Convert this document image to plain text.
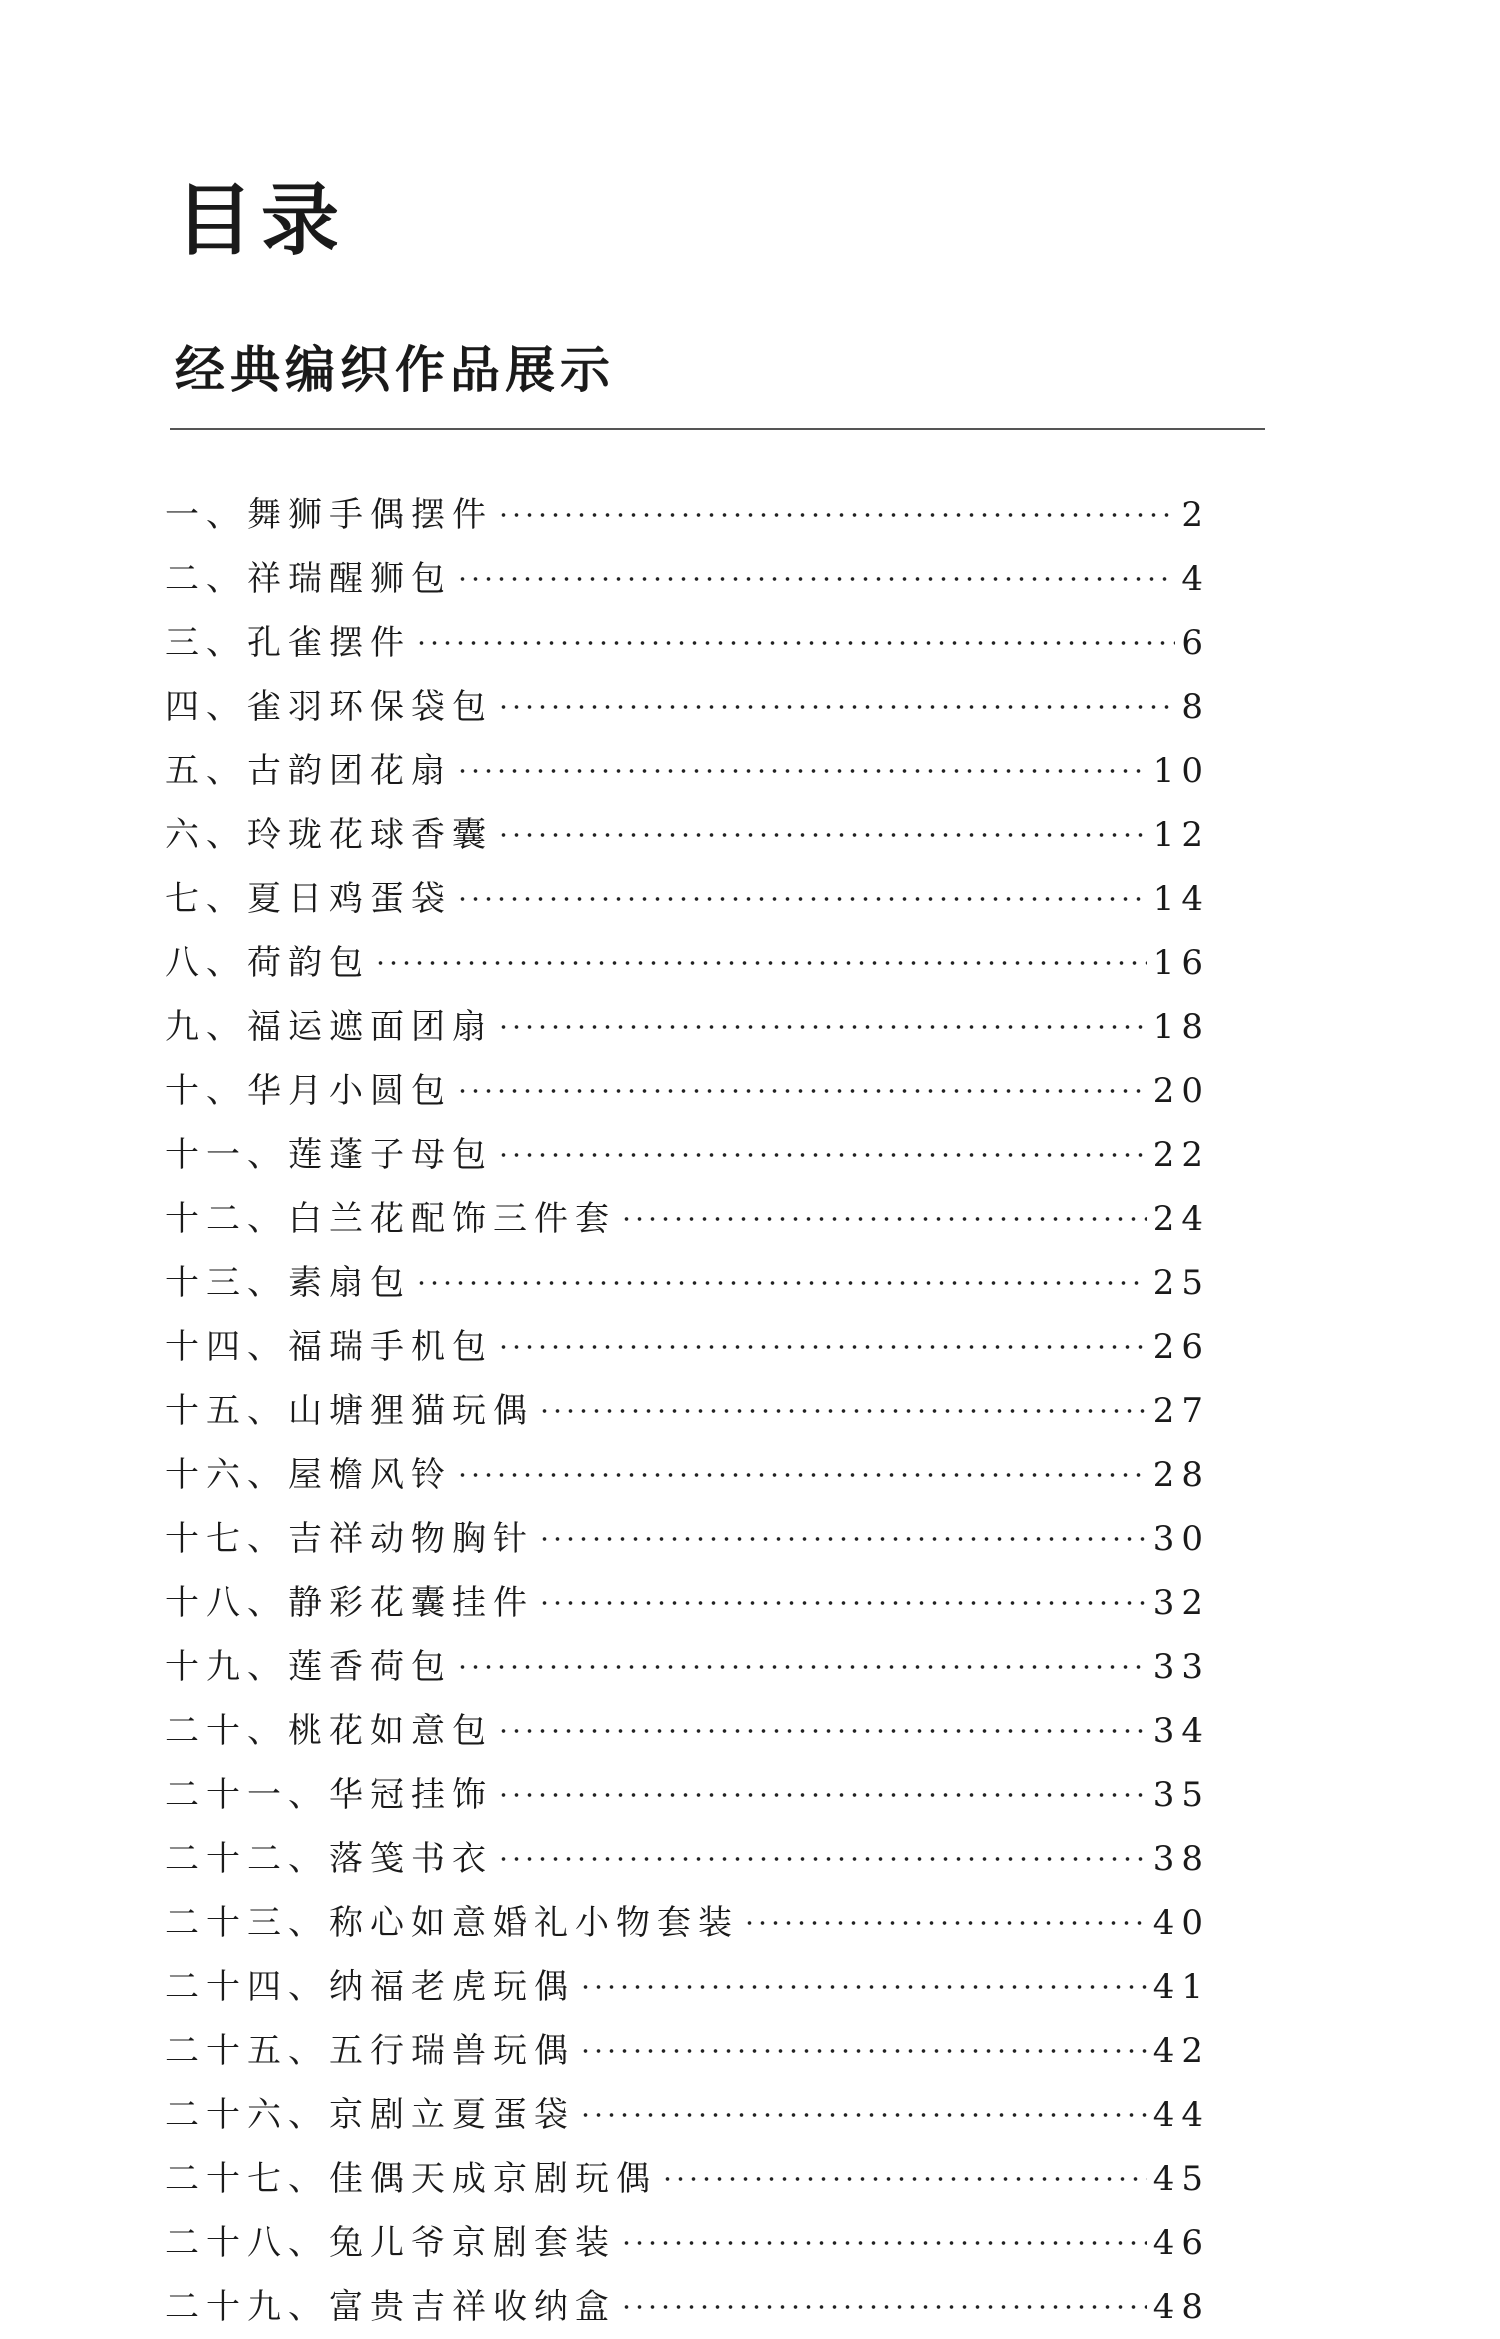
目录
经典编织作品展示
一、舞狮手偶摆件	2
二、祥瑞醒狮包	4
三、孔雀摆件	6
四、雀羽环保袋包	8
五、古韵团花扇	10
六、玲珑花球香囊	12
七、夏日鸡蛋袋	14
八、荷韵包	16
九、福运遮面团扇	18
十、华月小圆包	20
十一、莲蓬子母包	22
十二、白兰花配饰三件套	24
十三、素扇包	25
十四、福瑞手机包	26
十五、山塘狸猫玩偶	27
十六、屋檐风铃	28
十七、吉祥动物胸针	30
十八、静彩花囊挂件	32
十九、莲香荷包	33
二十、桃花如意包	34
二十一、华冠挂饰	35
二十二、落笺书衣	38
二十三、称心如意婚礼小物套装	40
二十四、纳福老虎玩偶	41
二十五、五行瑞兽玩偶	42
二十六、京剧立夏蛋袋	44
二十七、佳偶天成京剧玩偶	45
二十八、兔儿爷京剧套装	46
二十九、富贵吉祥收纳盒	48
